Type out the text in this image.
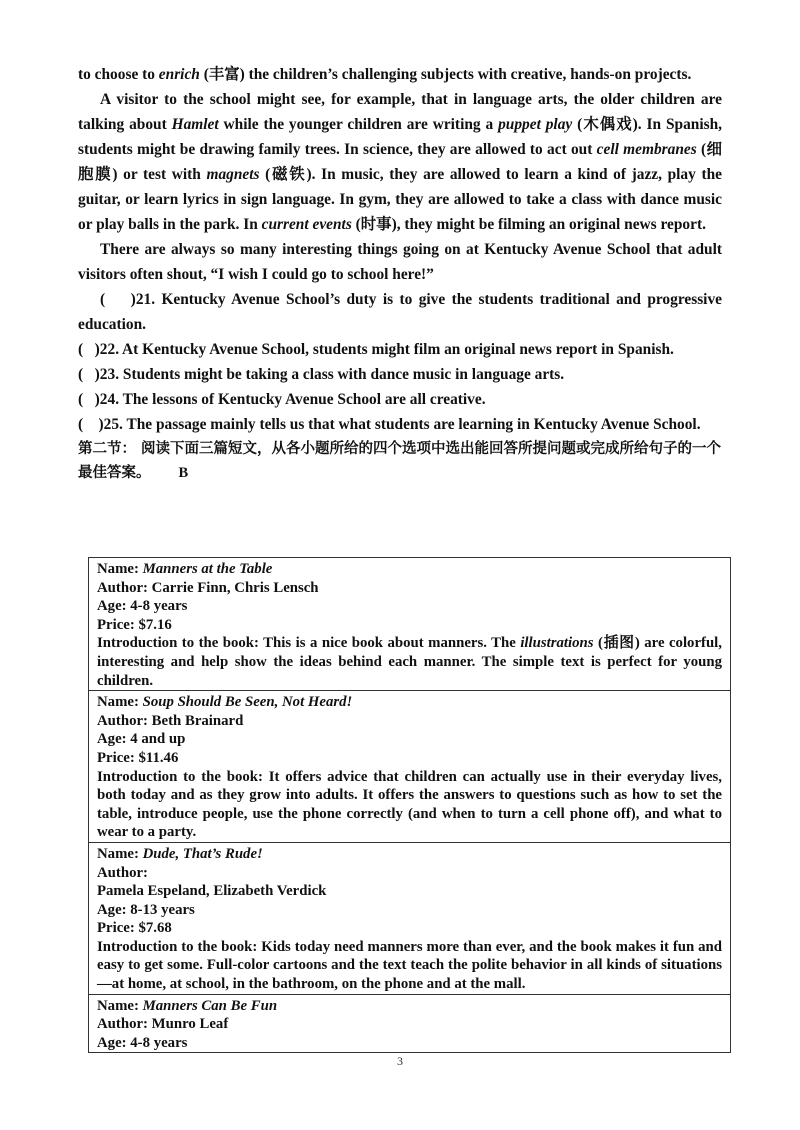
to choose to enrich (丰富) the children’s challenging subjects with creative, hands-on projects.

A visitor to the school might see, for example, that in language arts, the older children are talking about Hamlet while the younger children are writing a puppet play (木偶戏). In Spanish, students might be drawing family trees. In science, they are allowed to act out cell membranes (细胞膜) or test with magnets (磁铁). In music, they are allowed to learn a kind of jazz, play the guitar, or learn lyrics in sign language. In gym, they are allowed to take a class with dance music or play balls in the park. In current events (时事), they might be filming an original news report.

There are always so many interesting things going on at Kentucky Avenue School that adult visitors often shout, “I wish I could go to school here!”

(    )21. Kentucky Avenue School’s duty is to give the students traditional and progressive education.

(   )22. At Kentucky Avenue School, students might film an original news report in Spanish.

(   )23. Students might be taking a class with dance music in language arts.

(   )24. The lessons of Kentucky Avenue School are all creative.

(    )25. The passage mainly tells us that what students are learning in Kentucky Avenue School.

第二节： 阅读下面三篇短文，从各小题所给的四个选项中选出能回答所提问题或完成所给句子的一个最佳答案。 B

Name: Manners at the Table
Author: Carrie Finn, Chris Lensch
Age: 4-8 years
Price: $7.16
Introduction to the book: This is a nice book about manners. The illustrations (插图) are colorful, interesting and help show the ideas behind each manner. The simple text is perfect for young children.

Name: Soup Should Be Seen, Not Heard!
Author: Beth Brainard
Age: 4 and up
Price: $11.46
Introduction to the book: It offers advice that children can actually use in their everyday lives, both today and as they grow into adults. It offers the answers to questions such as how to set the table, introduce people, use the phone correctly (and when to turn a cell phone off), and what to wear to a party.

Name: Dude, That’s Rude!
Author:
Pamela Espeland, Elizabeth Verdick
Age: 8-13 years
Price: $7.68
Introduction to the book: Kids today need manners more than ever, and the book makes it fun and easy to get some. Full-color cartoons and the text teach the polite behavior in all kinds of situations—at home, at school, in the bathroom, on the phone and at the mall.

Name: Manners Can Be Fun
Author: Munro Leaf
Age: 4-8 years
3
